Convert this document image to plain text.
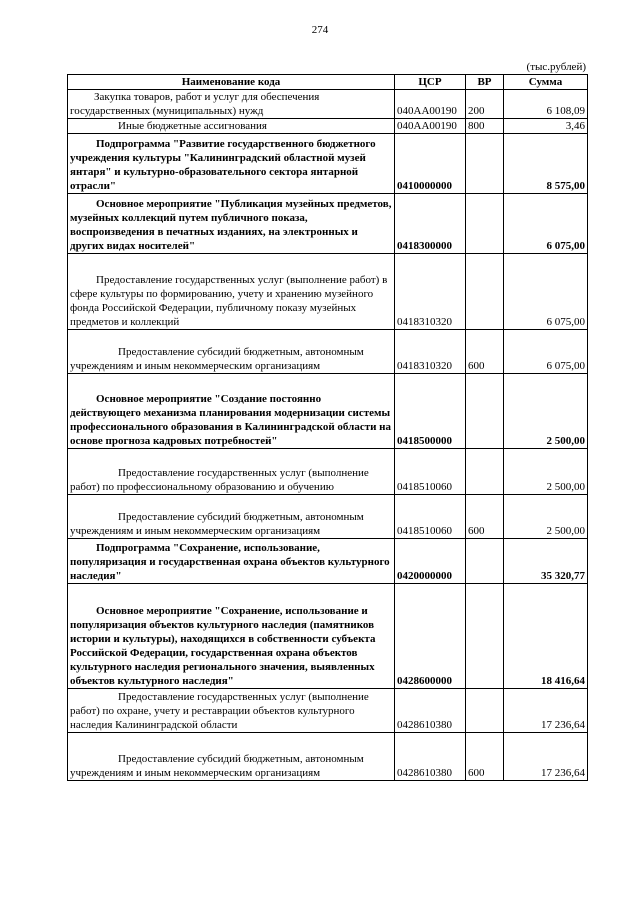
274
(тыс.рублей)
Наименование кода	ЦСР	ВР	Сумма
Закупка товаров, работ и услуг для обеспечения государственных (муниципальных) нужд	040AA00190	200	6 108,09
Иные бюджетные ассигнования	040AA00190	800	3,46
Подпрограмма "Развитие государственного бюджетного учреждения культуры "Калининградский областной музей янтаря" и культурно-образовательного сектора янтарной отрасли"	0410000000		8 575,00
Основное мероприятие "Публикация музейных предметов, музейных коллекций путем публичного показа, воспроизведения в печатных изданиях, на электронных и других видах носителей"	0418300000		6 075,00
Предоставление государственных услуг (выполнение работ) в сфере культуры по формированию, учету и хранению музейного фонда Российской Федерации, публичному показу музейных предметов и коллекций	0418310320		6 075,00
Предоставление субсидий бюджетным, автономным учреждениям и иным некоммерческим организациям	0418310320	600	6 075,00
Основное мероприятие "Создание постоянно действующего механизма планирования модернизации системы профессионального образования в Калининградской области на основе прогноза кадровых потребностей"	0418500000		2 500,00
Предоставление государственных услуг (выполнение работ) по профессиональному образованию и обучению	0418510060		2 500,00
Предоставление субсидий бюджетным, автономным учреждениям и иным некоммерческим организациям	0418510060	600	2 500,00
Подпрограмма "Сохранение, использование, популяризация и государственная охрана объектов культурного наследия"	0420000000		35 320,77
Основное мероприятие "Сохранение, использование и популяризация объектов культурного наследия (памятников истории и культуры), находящихся в собственности субъекта Российской Федерации, государственная охрана объектов культурного наследия регионального значения, выявленных объектов культурного наследия"	0428600000		18 416,64
Предоставление государственных услуг (выполнение работ) по охране, учету и реставрации объектов культурного наследия Калининградской области	0428610380		17 236,64
Предоставление субсидий бюджетным, автономным учреждениям и иным некоммерческим организациям	0428610380	600	17 236,64
